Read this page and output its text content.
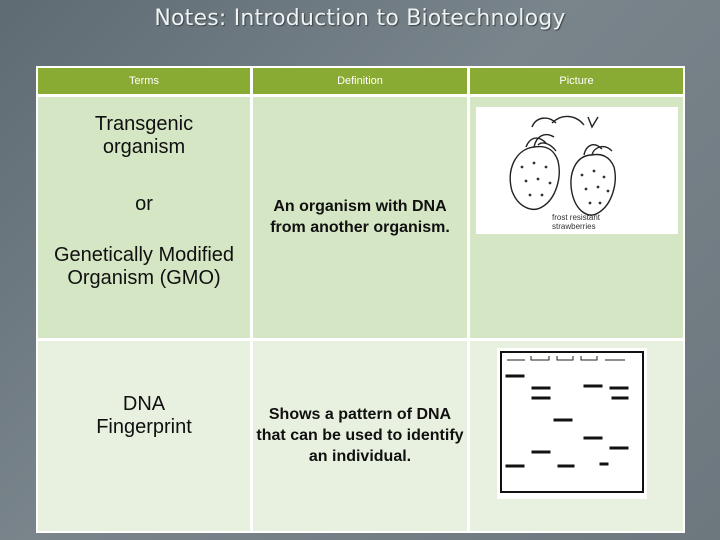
Notes: Introduction to Biotechnology
Terms	Definition	Picture
Transgenic organism
or
Genetically Modified Organism (GMO)
An organism with DNA from another organism.
frost resistant strawberries
DNA Fingerprint
Shows a pattern of DNA that can be used to identify an individual.
